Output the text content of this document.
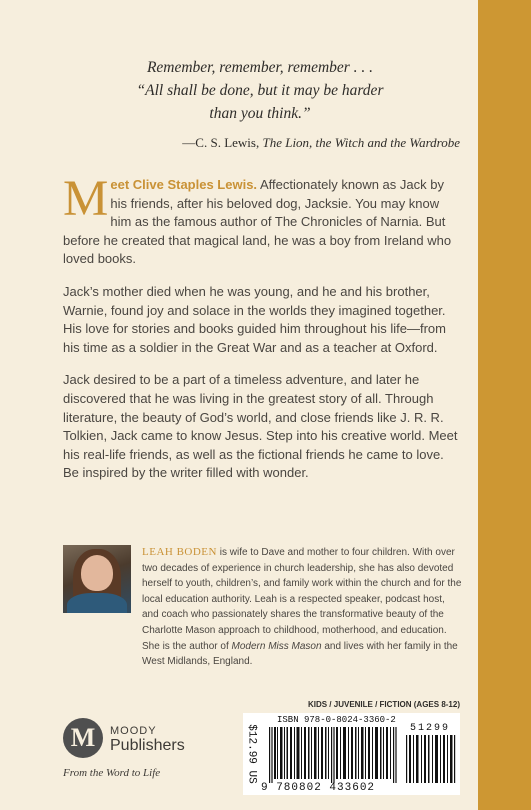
Remember, remember, remember . . .
“All shall be done, but it may be harder
than you think.”
—C. S. Lewis, The Lion, the Witch and the Wardrobe

Meet Clive Staples Lewis. Affectionately known as Jack by his friends, after his beloved dog, Jacksie. You may know him as the famous author of The Chronicles of Narnia. But before he created that magical land, he was a boy from Ireland who loved books.

Jack’s mother died when he was young, and he and his brother, Warnie, found joy and solace in the worlds they imagined together. His love for stories and books guided him throughout his life—from his time as a soldier in the Great War and as a teacher at Oxford.

Jack desired to be a part of a timeless adventure, and later he discovered that he was living in the greatest story of all. Through literature, the beauty of God’s world, and close friends like J. R. R. Tolkien, Jack came to know Jesus. Step into his creative world. Meet his real-life friends, as well as the fictional friends he came to love. Be inspired by the writer filled with wonder.

LEAH BODEN is wife to Dave and mother to four children. With over two decades of experience in church leadership, she has also devoted herself to youth, children’s, and family work within the church and for the local education authority. Leah is a respected speaker, podcast host, and coach who passionately shares the transformative beauty of the Charlotte Mason approach to childhood, motherhood, and education. She is the author of Modern Miss Mason and lives with her family in the West Midlands, England.
M MOODY
Publishers
From the Word to Life
KIDS / JUVENILE / FICTION (AGES 8-12)
$12.99 US
ISBN 978-0-8024-3360-2
51299
9 780802 433602
